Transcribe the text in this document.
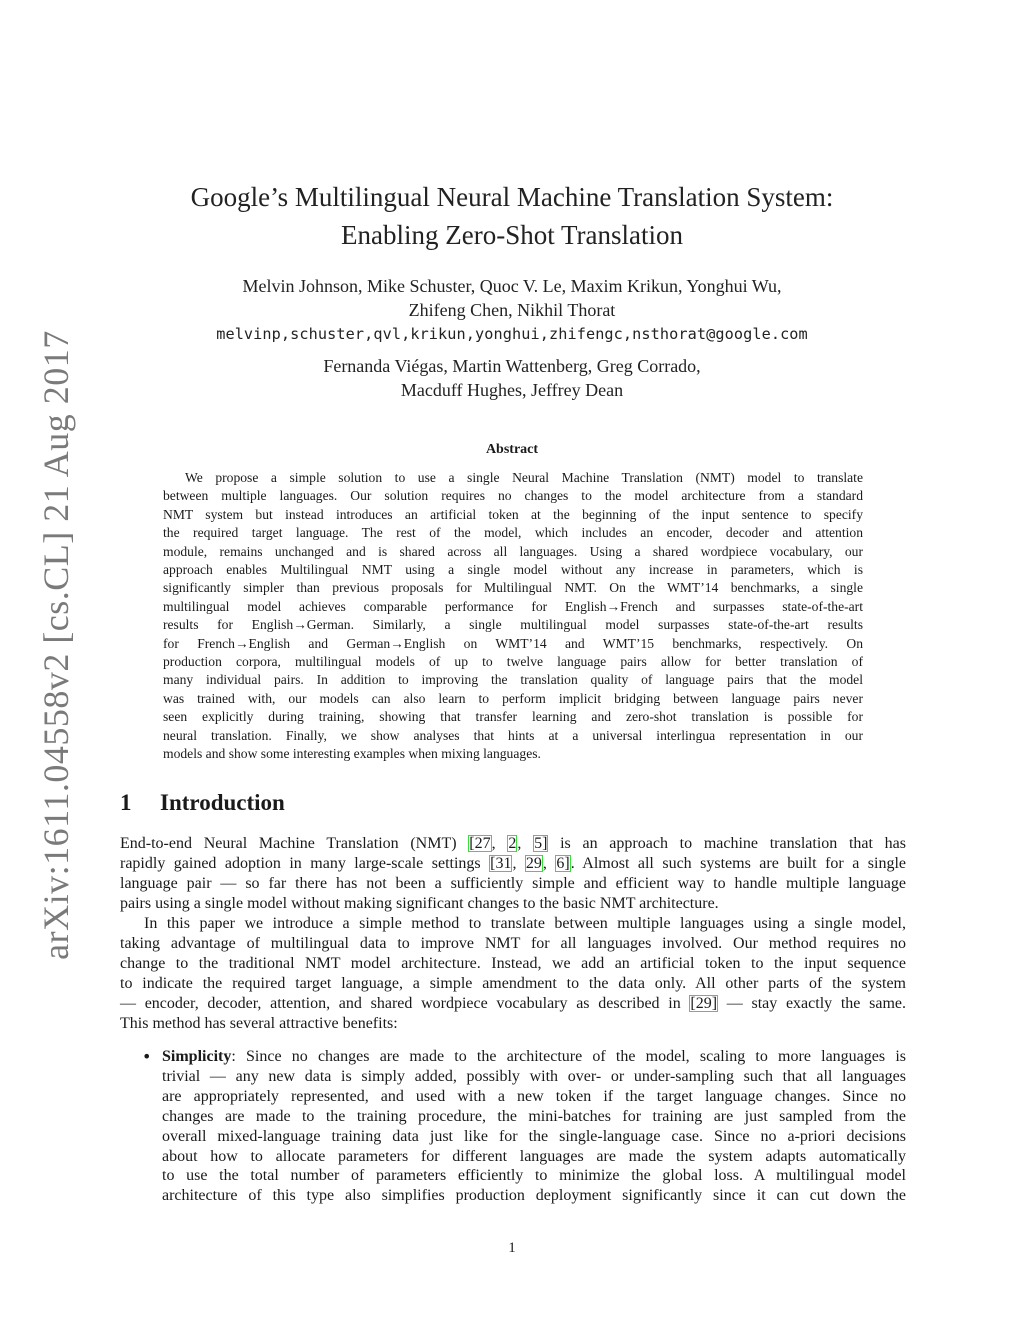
arXiv:1611.04558v2 [cs.CL] 21 Aug 2017
Google’s Multilingual Neural Machine Translation System:
Enabling Zero-Shot Translation
Melvin Johnson, Mike Schuster, Quoc V. Le, Maxim Krikun, Yonghui Wu,
Zhifeng Chen, Nikhil Thorat
melvinp,schuster,qvl,krikun,yonghui,zhifengc,nsthorat@google.com
Fernanda Viégas, Martin Wattenberg, Greg Corrado,
Macduff Hughes, Jeffrey Dean
Abstract
We propose a simple solution to use a single Neural Machine Translation (NMT) model to translate
between multiple languages. Our solution requires no changes to the model architecture from a standard
NMT system but instead introduces an artificial token at the beginning of the input sentence to specify
the required target language. The rest of the model, which includes an encoder, decoder and attention
module, remains unchanged and is shared across all languages. Using a shared wordpiece vocabulary, our
approach enables Multilingual NMT using a single model without any increase in parameters, which is
significantly simpler than previous proposals for Multilingual NMT. On the WMT’14 benchmarks, a single
multilingual model achieves comparable performance for English→French and surpasses state-of-the-art
results for English→German. Similarly, a single multilingual model surpasses state-of-the-art results
for French→English and German→English on WMT’14 and WMT’15 benchmarks, respectively. On
production corpora, multilingual models of up to twelve language pairs allow for better translation of
many individual pairs. In addition to improving the translation quality of language pairs that the model
was trained with, our models can also learn to perform implicit bridging between language pairs never
seen explicitly during training, showing that transfer learning and zero-shot translation is possible for
neural translation. Finally, we show analyses that hints at a universal interlingua representation in our
models and show some interesting examples when mixing languages.
1 Introduction
End-to-end Neural Machine Translation (NMT) [27, 2, 5] is an approach to machine translation that has
rapidly gained adoption in many large-scale settings [31, 29, 6]. Almost all such systems are built for a single
language pair — so far there has not been a sufficiently simple and efficient way to handle multiple language
pairs using a single model without making significant changes to the basic NMT architecture.
In this paper we introduce a simple method to translate between multiple languages using a single model,
taking advantage of multilingual data to improve NMT for all languages involved. Our method requires no
change to the traditional NMT model architecture. Instead, we add an artificial token to the input sequence
to indicate the required target language, a simple amendment to the data only. All other parts of the system
— encoder, decoder, attention, and shared wordpiece vocabulary as described in [29] — stay exactly the same.
This method has several attractive benefits:
• Simplicity: Since no changes are made to the architecture of the model, scaling to more languages is
trivial — any new data is simply added, possibly with over- or under-sampling such that all languages
are appropriately represented, and used with a new token if the target language changes. Since no
changes are made to the training procedure, the mini-batches for training are just sampled from the
overall mixed-language training data just like for the single-language case. Since no a-priori decisions
about how to allocate parameters for different languages are made the system adapts automatically
to use the total number of parameters efficiently to minimize the global loss. A multilingual model
architecture of this type also simplifies production deployment significantly since it can cut down the
1
